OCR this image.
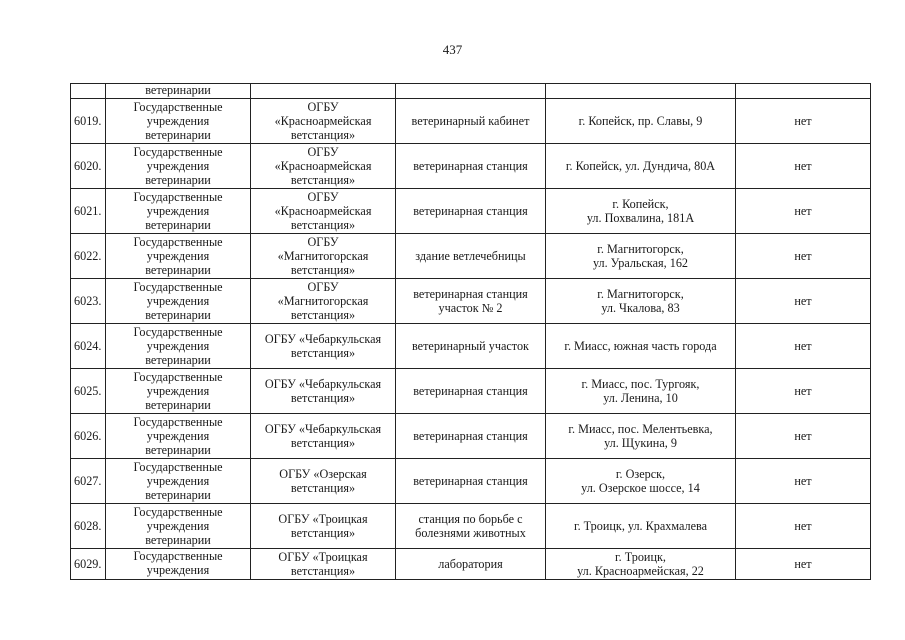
437
	ветеринарии				
6019.	Государственные
учреждения
ветеринарии	ОГБУ
«Красноармейская
ветстанция»	ветеринарный кабинет	г. Копейск, пр. Славы, 9	нет
6020.	Государственные
учреждения
ветеринарии	ОГБУ
«Красноармейская
ветстанция»	ветеринарная станция	г. Копейск, ул. Дундича, 80А	нет
6021.	Государственные
учреждения
ветеринарии	ОГБУ
«Красноармейская
ветстанция»	ветеринарная станция	г. Копейск,
ул. Похвалина, 181А	нет
6022.	Государственные
учреждения
ветеринарии	ОГБУ
«Магнитогорская
ветстанция»	здание ветлечебницы	г. Магнитогорск,
ул. Уральская, 162	нет
6023.	Государственные
учреждения
ветеринарии	ОГБУ
«Магнитогорская
ветстанция»	ветеринарная станция
участок № 2	г. Магнитогорск,
ул. Чкалова, 83	нет
6024.	Государственные
учреждения
ветеринарии	ОГБУ «Чебаркульская
ветстанция»	ветеринарный участок	г. Миасс, южная часть города	нет
6025.	Государственные
учреждения
ветеринарии	ОГБУ «Чебаркульская
ветстанция»	ветеринарная станция	г. Миасс, пос. Тургояк,
ул. Ленина, 10	нет
6026.	Государственные
учреждения
ветеринарии	ОГБУ «Чебаркульская
ветстанция»	ветеринарная станция	г. Миасс, пос. Мелентьевка,
ул. Щукина, 9	нет
6027.	Государственные
учреждения
ветеринарии	ОГБУ «Озерская
ветстанция»	ветеринарная станция	г. Озерск,
ул. Озерское шоссе, 14	нет
6028.	Государственные
учреждения
ветеринарии	ОГБУ «Троицкая
ветстанция»	станция по борьбе с
болезнями животных	г. Троицк, ул. Крахмалева	нет
6029.	Государственные
учреждения	ОГБУ «Троицкая
ветстанция»	лаборатория	г. Троицк,
ул. Красноармейская, 22	нет
